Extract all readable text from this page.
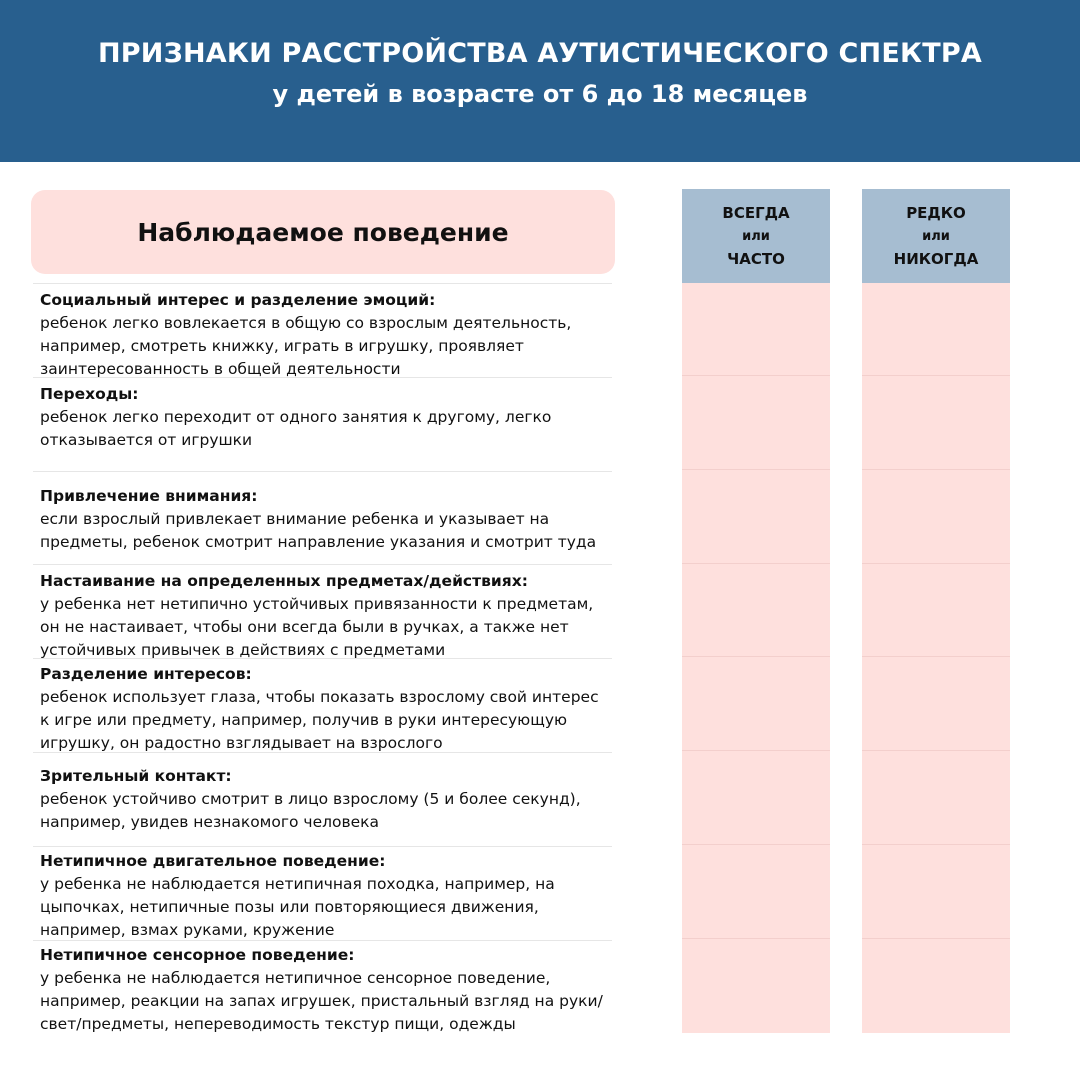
ПРИЗНАКИ РАССТРОЙСТВА АУТИСТИЧЕСКОГО СПЕКТРА
у детей в возрасте от 6 до 18 месяцев
Наблюдаемое поведение
ВСЕГДА
или
ЧАСТО
РЕДКО
или
НИКОГДА
Социальный интерес и разделение эмоций:
ребенок легко вовлекается в общую со взрослым деятельность, например, смотреть книжку, играть в игрушку, проявляет заинтересованность в общей деятельности
Переходы:
ребенок легко переходит от одного занятия к другому, легко отказывается от игрушки
Привлечение внимания:
если взрослый привлекает внимание ребенка и указывает на предметы, ребенок смотрит направление указания и смотрит туда
Настаивание на определенных предметах/действиях:
у ребенка нет нетипично устойчивых привязанности к предметам, он не настаивает, чтобы они всегда были в ручках, а также нет устойчивых привычек в действиях с предметами
Разделение интересов:
ребенок использует глаза, чтобы показать взрослому свой интерес к игре или предмету, например, получив в руки интересующую игрушку, он радостно взглядывает на взрослого
Зрительный контакт:
ребенок устойчиво смотрит в лицо взрослому (5 и более секунд), например, увидев незнакомого человека
Нетипичное двигательное поведение:
у ребенка не наблюдается нетипичная походка, например, на цыпочках, нетипичные позы или повторяющиеся движения, например, взмах руками, кружение
Нетипичное сенсорное поведение:
у ребенка не наблюдается нетипичное сенсорное поведение, например, реакции на запах игрушек, пристальный взгляд на руки/свет/предметы, непереводимость текстур пищи, одежды
